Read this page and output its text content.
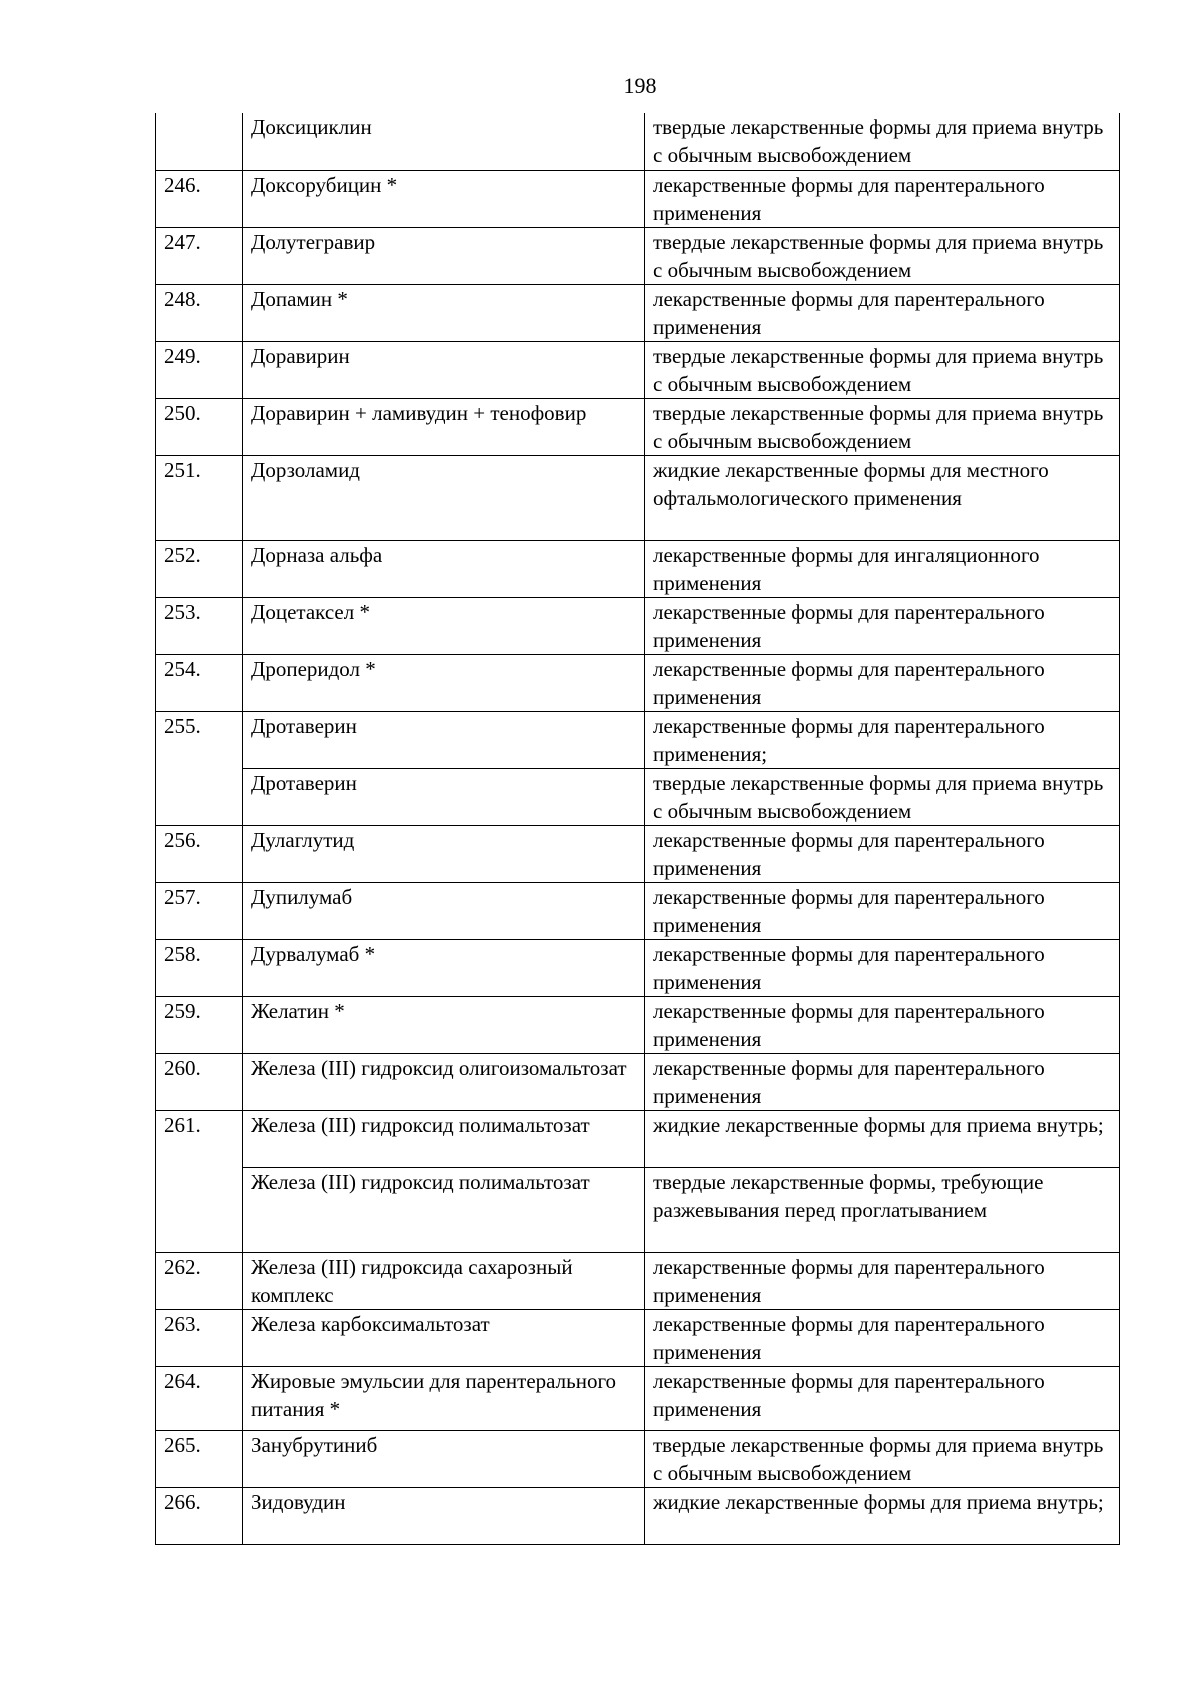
198
	Доксициклин	твердые лекарственные формы для приема внутрь с обычным высвобождением
246.	Доксорубицин *	лекарственные формы для парентерального применения
247.	Долутегравир	твердые лекарственные формы для приема внутрь с обычным высвобождением
248.	Допамин *	лекарственные формы для парентерального применения
249.	Доравирин	твердые лекарственные формы для приема внутрь с обычным высвобождением
250.	Доравирин + ламивудин + тенофовир	твердые лекарственные формы для приема внутрь с обычным высвобождением
251.	Дорзоламид	жидкие лекарственные формы для местного офтальмологического применения
252.	Дорназа альфа	лекарственные формы для ингаляционного применения
253.	Доцетаксел *	лекарственные формы для парентерального применения
254.	Дроперидол *	лекарственные формы для парентерального применения
255.	Дротаверин	лекарственные формы для парентерального применения;
	Дротаверин	твердые лекарственные формы для приема внутрь с обычным высвобождением
256.	Дулаглутид	лекарственные формы для парентерального применения
257.	Дупилумаб	лекарственные формы для парентерального применения
258.	Дурвалумаб *	лекарственные формы для парентерального применения
259.	Желатин *	лекарственные формы для парентерального применения
260.	Железа (III) гидроксид олигоизомальтозат	лекарственные формы для парентерального применения
261.	Железа (III) гидроксид полимальтозат	жидкие лекарственные формы для приема внутрь;
	Железа (III) гидроксид полимальтозат	твердые лекарственные формы, требующие разжевывания перед проглатыванием
262.	Железа (III) гидроксида сахарозный комплекс	лекарственные формы для парентерального применения
263.	Железа карбоксимальтозат	лекарственные формы для парентерального применения
264.	Жировые эмульсии для парентерального питания *	лекарственные формы для парентерального применения
265.	Занубрутиниб	твердые лекарственные формы для приема внутрь с обычным высвобождением
266.	Зидовудин	жидкие лекарственные формы для приема внутрь;
